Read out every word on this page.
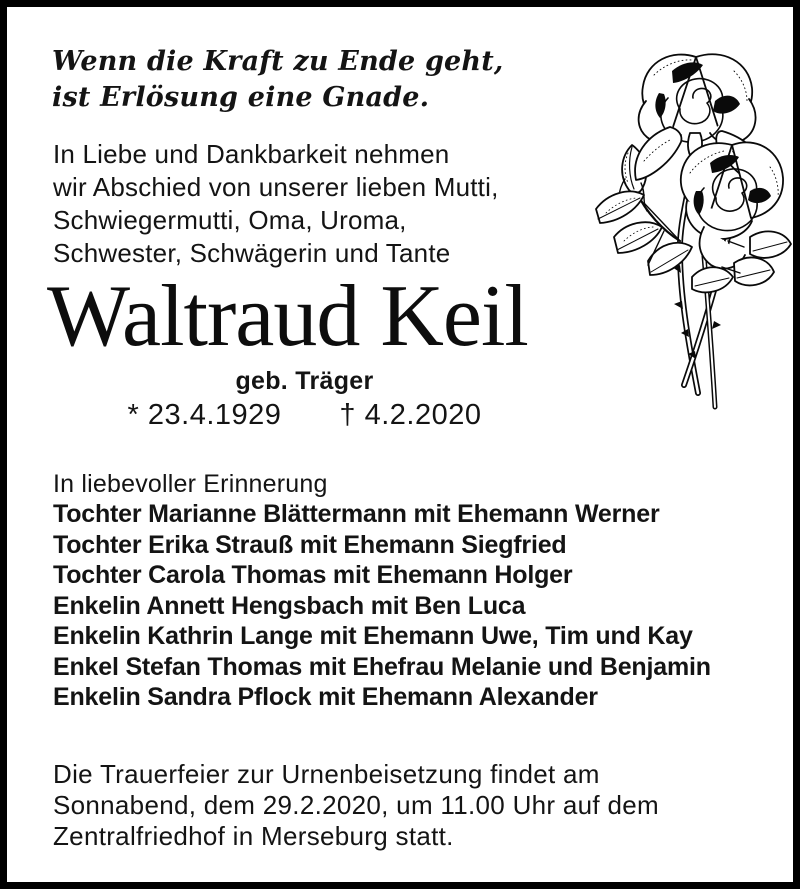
Wenn die Kraft zu Ende geht,
ist Erlösung eine Gnade.
In Liebe und Dankbarkeit nehmen
wir Abschied von unserer lieben Mutti,
Schwiegermutti, Oma, Uroma,
Schwester, Schwägerin und Tante
Waltraud Keil
geb. Träger
* 23.4.1929 † 4.2.2020
In liebevoller Erinnerung
Tochter Marianne Blättermann mit Ehemann Werner
Tochter Erika Strauß mit Ehemann Siegfried
Tochter Carola Thomas mit Ehemann Holger
Enkelin Annett Hengsbach mit Ben Luca
Enkelin Kathrin Lange mit Ehemann Uwe, Tim und Kay
Enkel Stefan Thomas mit Ehefrau Melanie und Benjamin
Enkelin Sandra Pflock mit Ehemann Alexander
Die Trauerfeier zur Urnenbeisetzung findet am
Sonnabend, dem 29.2.2020, um 11.00 Uhr auf dem
Zentralfriedhof in Merseburg statt.
